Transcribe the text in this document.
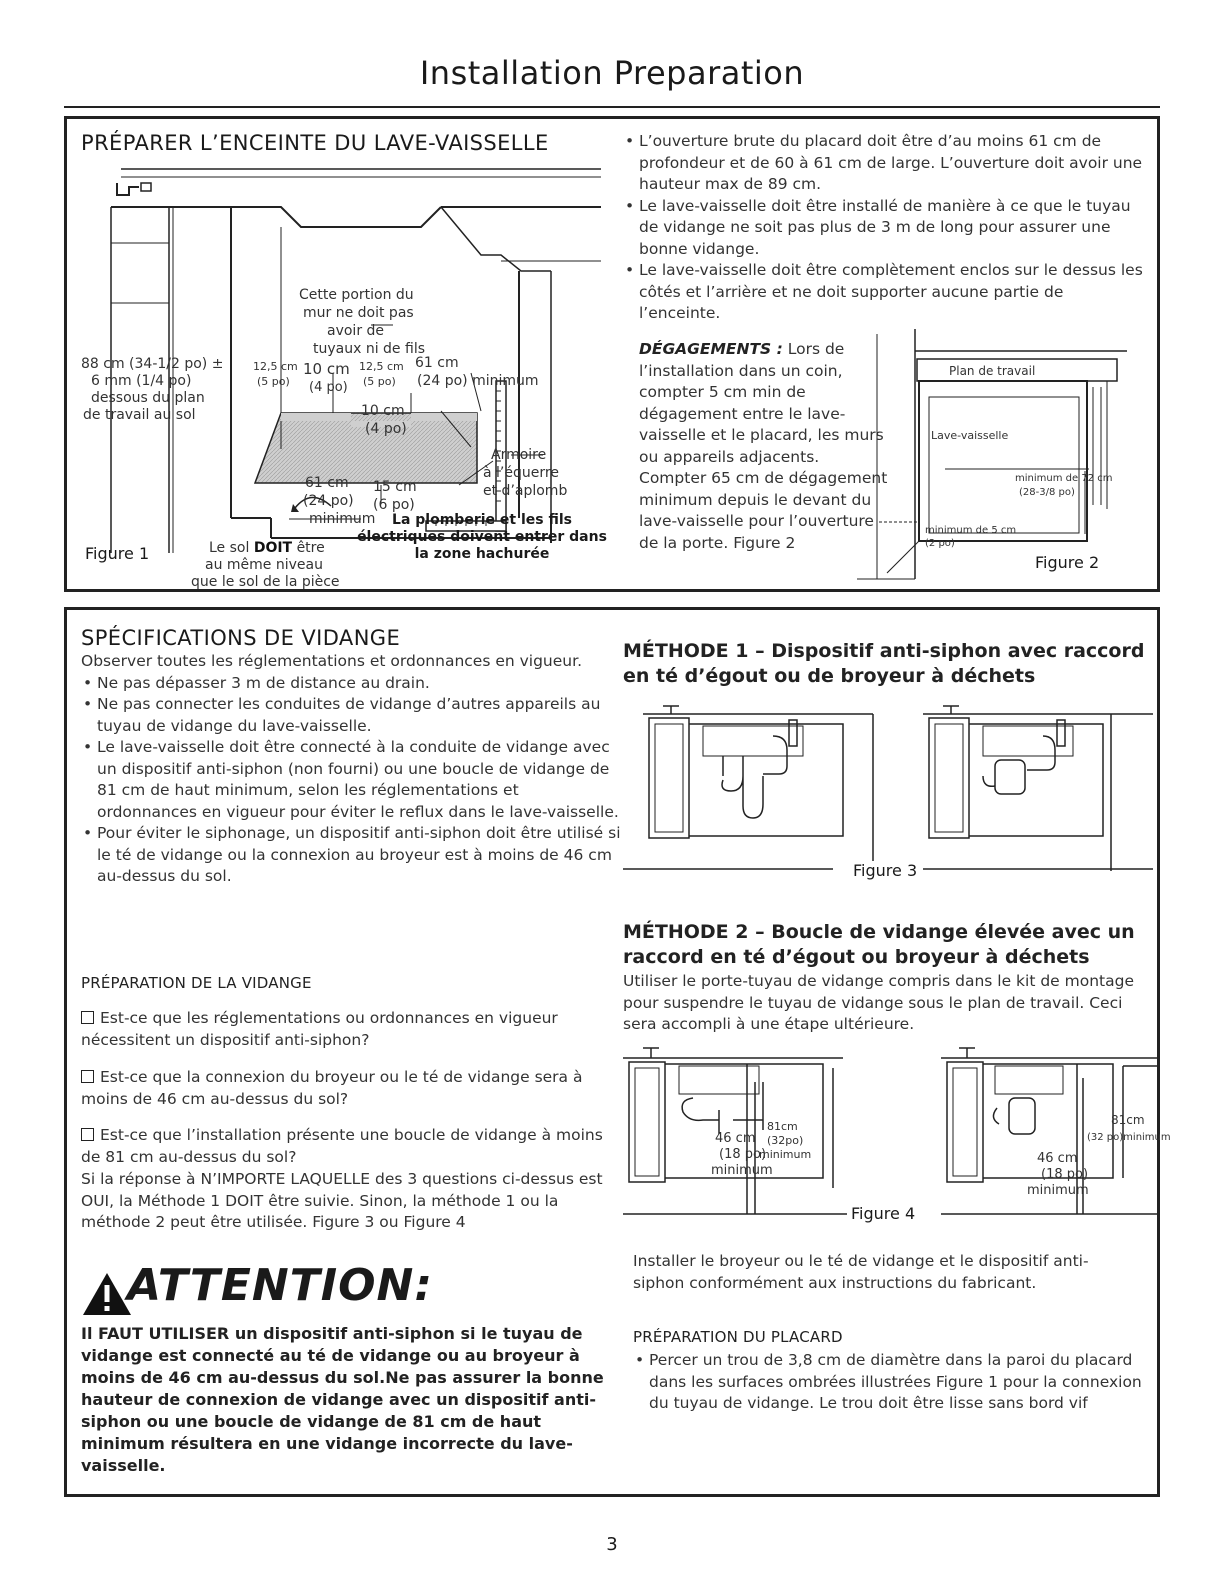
Installation Preparation
PRÉPARER L’ENCEINTE DU LAVE-VAISSELLE
Cette portion du
mur ne doit pas
avoir de
tuyaux ni de fils
88 cm (34-1/2 po) ±
6 mm (1/4 po)
dessous du plan
de travail au sol
12,5 cm
(5 po)
10 cm
(4 po)
12,5 cm
(5 po)
61 cm
(24 po) minimum
10 cm
(4 po)
Armoire
à l’équerre
et d’aplomb
61 cm
(24 po)
minimum
15 cm
(6 po)
Le sol DOIT être
au même niveau
que le sol de la pièce
Figure 1
La plomberie et les fils
électriques doivent entrer dans
la zone hachurée
• L’ouverture brute du placard doit être d’au moins 61 cm de profondeur et de 60 à 61 cm de large. L’ouverture doit avoir une hauteur max de 89 cm.
• Le lave-vaisselle doit être installé de manière à ce que le tuyau de vidange ne soit pas plus de 3 m de long pour assurer une bonne vidange.
• Le lave-vaisselle doit être complètement enclos sur le dessus les côtés et l’arrière et ne doit supporter aucune partie de l’enceinte.
DÉGAGEMENTS : Lors de l’installation dans un coin, compter 5 cm min de dégagement entre le lave-vaisselle et le placard, les murs ou appareils adjacents. Compter 65 cm de dégagement minimum depuis le devant du lave-vaisselle pour l’ouverture de la porte. Figure 2
Plan de travail
Lave-vaisselle
minimum de 72 cm
(28-3/8 po)
minimum de 5 cm
(2 po)
Figure 2
SPÉCIFICATIONS DE VIDANGE
Observer toutes les réglementations et ordonnances en vigueur.
• Ne pas dépasser 3 m de distance au drain.
• Ne pas connecter les conduites de vidange d’autres appareils au tuyau de vidange du lave-vaisselle.
• Le lave-vaisselle doit être connecté à la conduite de vidange avec un dispositif anti-siphon (non fourni) ou une boucle de vidange de 81 cm de haut minimum, selon les réglementations et ordonnances en vigueur pour éviter le reflux dans le lave-vaisselle.
• Pour éviter le siphonage, un dispositif anti-siphon doit être utilisé si le té de vidange ou la connexion au broyeur est à moins de 46 cm au-dessus du sol.
PRÉPARATION DE LA VIDANGE
Est-ce que les réglementations ou ordonnances en vigueur nécessitent un dispositif anti-siphon?
Est-ce que la connexion du broyeur ou le té de vidange sera à moins de 46 cm au-dessus du sol?
Est-ce que l’installation présente une boucle de vidange à moins de 81 cm au-dessus du sol?
Si la réponse à N’IMPORTE LAQUELLE des 3 questions ci-dessus est OUI, la Méthode 1 DOIT être suivie. Sinon, la méthode 1 ou la méthode 2 peut être utilisée. Figure 3 ou Figure 4
ATTENTION:
Il FAUT UTILISER un dispositif anti-siphon si le tuyau de vidange est connecté au té de vidange ou au broyeur à moins de 46 cm au-dessus du sol.Ne pas assurer la bonne hauteur de connexion de vidange avec un dispositif anti-siphon ou une boucle de vidange de 81 cm de haut minimum résultera en une vidange incorrecte du lave-vaisselle.
MÉTHODE 1 – Dispositif anti-siphon avec raccord en té d’égout ou de broyeur à déchets
Figure 3
MÉTHODE 2 – Boucle de vidange élevée avec un raccord en té d’égout ou broyeur à déchets
Utiliser le porte-tuyau de vidange compris dans le kit de montage pour suspendre le tuyau de vidange sous le plan de travail. Ceci sera accompli à une étape ultérieure.
81cm
(32po)
minimum
46 cm
(18 po)
minimum
81cm
(32 po)minimum
46 cm
(18 po)
minimum
Figure 4
Installer le broyeur ou le té de vidange et le dispositif anti-siphon conformément aux instructions du fabricant.
PRÉPARATION DU PLACARD
• Percer un trou de 3,8 cm de diamètre dans la paroi du placard dans les surfaces ombrées illustrées Figure 1 pour la connexion du tuyau de vidange. Le trou doit être lisse sans bord vif
3
